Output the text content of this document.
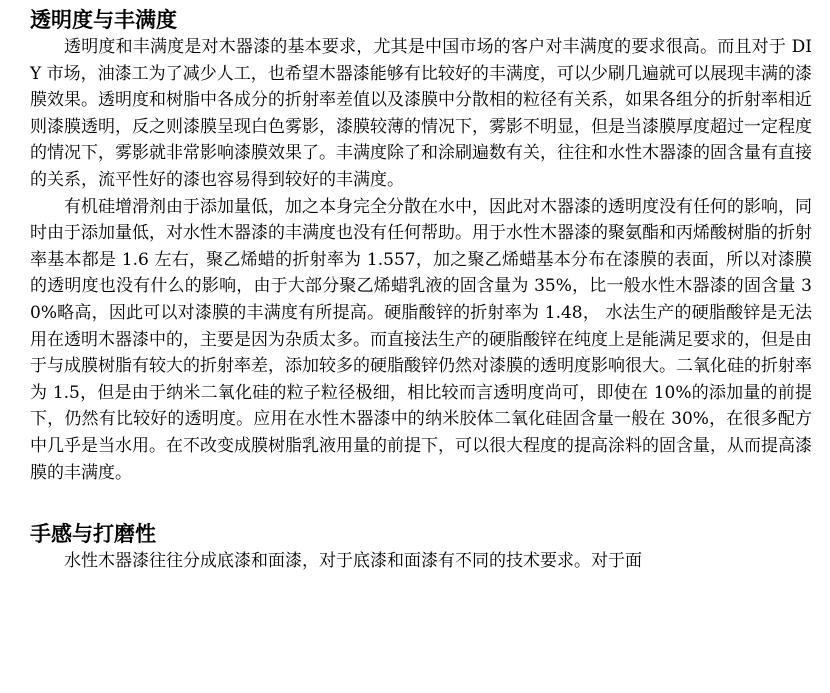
透明度与丰满度

透明度和丰满度是对木器漆的基本要求，尤其是中国市场的客户对丰满度的要求很高。而且对于 DIY 市场，油漆工为了减少人工，也希望木器漆能够有比较好的丰满度，可以少刷几遍就可以展现丰满的漆膜效果。透明度和树脂中各成分的折射率差值以及漆膜中分散相的粒径有关系，如果各组分的折射率相近则漆膜透明，反之则漆膜呈现白色雾影，漆膜较薄的情况下，雾影不明显，但是当漆膜厚度超过一定程度的情况下，雾影就非常影响漆膜效果了。丰满度除了和涂刷遍数有关，往往和水性木器漆的固含量有直接的关系，流平性好的漆也容易得到较好的丰满度。

有机硅增滑剂由于添加量低，加之本身完全分散在水中，因此对木器漆的透明度没有任何的影响，同时由于添加量低，对水性木器漆的丰满度也没有任何帮助。用于水性木器漆的聚氨酯和丙烯酸树脂的折射率基本都是 1.6 左右，聚乙烯蜡的折射率为 1.557，加之聚乙烯蜡基本分布在漆膜的表面，所以对漆膜的透明度也没有什么的影响，由于大部分聚乙烯蜡乳液的固含量为 35%，比一般水性木器漆的固含量 30%略高，因此可以对漆膜的丰满度有所提高。硬脂酸锌的折射率为 1.48， 水法生产的硬脂酸锌是无法用在透明木器漆中的，主要是因为杂质太多。而直接法生产的硬脂酸锌在纯度上是能满足要求的，但是由于与成膜树脂有较大的折射率差，添加较多的硬脂酸锌仍然对漆膜的透明度影响很大。二氧化硅的折射率为 1.5，但是由于纳米二氧化硅的粒子粒径极细，相比较而言透明度尚可，即使在 10%的添加量的前提下，仍然有比较好的透明度。应用在水性木器漆中的纳米胶体二氧化硅固含量一般在 30%，在很多配方中几乎是当水用。在不改变成膜树脂乳液用量的前提下，可以很大程度的提高涂料的固含量，从而提高漆膜的丰满度。

手感与打磨性

水性木器漆往往分成底漆和面漆，对于底漆和面漆有不同的技术要求。对于面
